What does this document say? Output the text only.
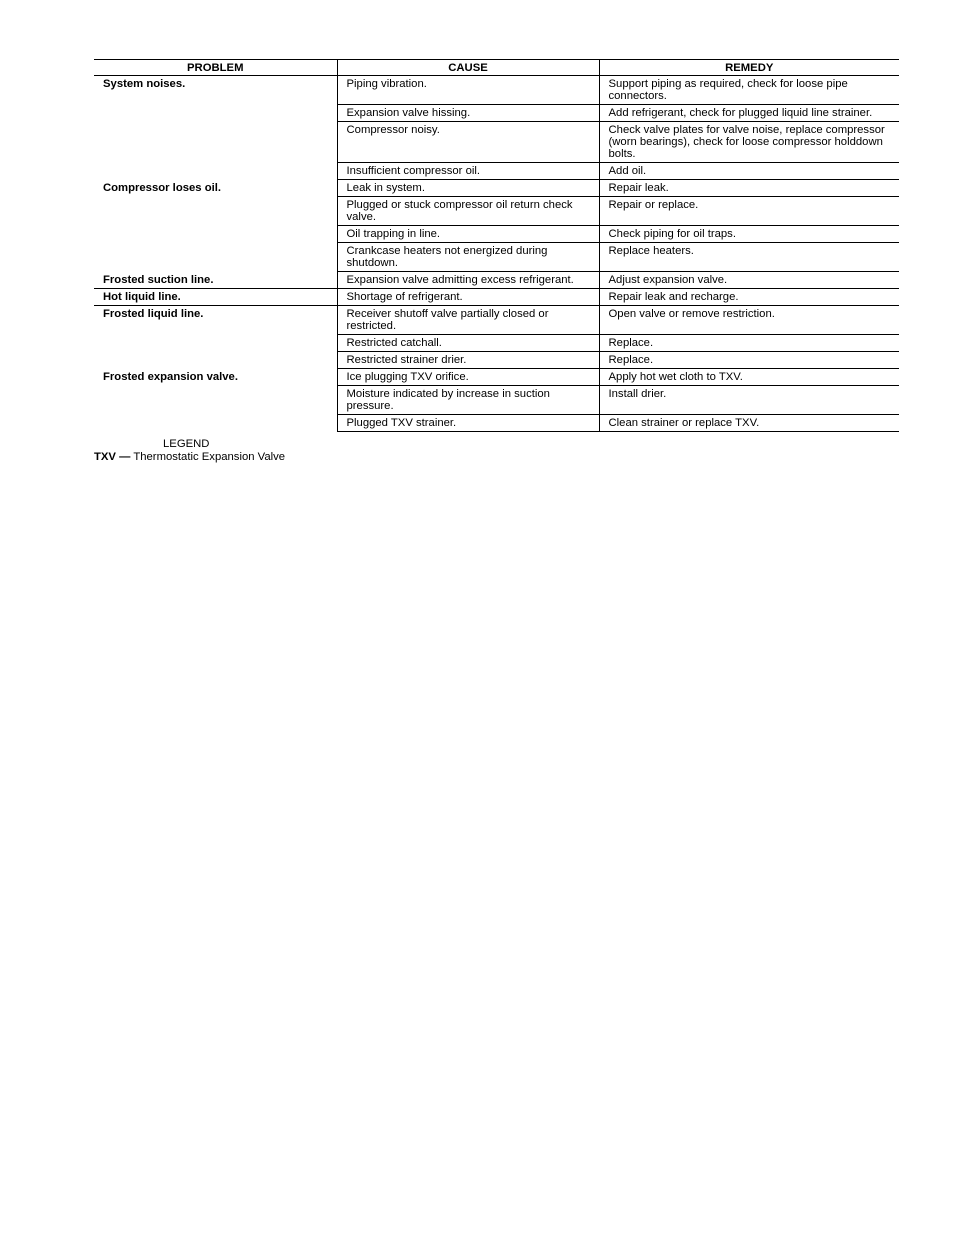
PROBLEM	CAUSE	REMEDY
System noises.	Piping vibration.	Support piping as required, check for loose pipe connectors.
	Expansion valve hissing.	Add refrigerant, check for plugged liquid line strainer.
	Compressor noisy.	Check valve plates for valve noise, replace compressor (worn bearings), check for loose compressor holddown bolts.
	Insufficient compressor oil.	Add oil.
Compressor loses oil.	Leak in system.	Repair leak.
	Plugged or stuck compressor oil return check valve.	Repair or replace.
	Oil trapping in line.	Check piping for oil traps.
	Crankcase heaters not energized during shutdown.	Replace heaters.
Frosted suction line.	Expansion valve admitting excess refrigerant.	Adjust expansion valve.
Hot liquid line.	Shortage of refrigerant.	Repair leak and recharge.
Frosted liquid line.	Receiver shutoff valve partially closed or restricted.	Open valve or remove restriction.
	Restricted catchall.	Replace.
	Restricted strainer drier.	Replace.
Frosted expansion valve.	Ice plugging TXV orifice.	Apply hot wet cloth to TXV.
	Moisture indicated by increase in suction pressure.	Install drier.
	Plugged TXV strainer.	Clean strainer or replace TXV.
LEGEND
TXV — Thermostatic Expansion Valve
